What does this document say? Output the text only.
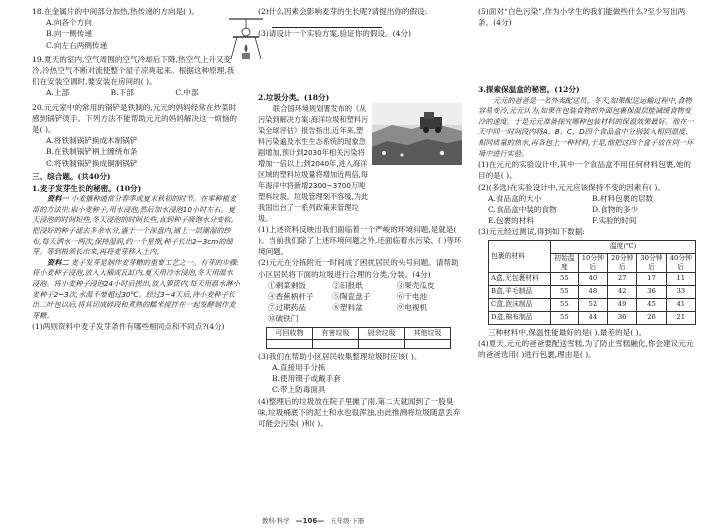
18.在金属片的中间部分加热,热传递的方向是( )。

A.向各个方向

B.向一侧传递

C.向左右两侧传递

19.夏天的室内,空气周围的空气冷却后下降,热空气上升又变冷,冷热空气不断对流使整个屋子凉爽起来。根据这种原理,我们在安装空调时,要安装在房间的( )。

A.上部	B.下部	C.中部

20.元元家中的常用的锅铲是铁制的,元元的妈妈经常在炒菜时感到锅铲烫手。下列方法不能帮助元元的妈妈解决这一烦恼的是( )。

A.将铁制锅铲换成木制锅铲

B.在铁制锅铲柄上缠绕布条

C.将铁制锅铲换成铜制锅铲

三、综合题。(共40分)

1.麦子发芽生长的秘密。(10分)

资料一 小麦播种通常分春季或夏末秋初的时节。在零种植麦苗的方法里:取小麦种子,用水浸泡,然后加水浸泡10小时左右。夏天浸泡的时间短些,冬天浸泡的时间长些,直到种子吸饱水分变软。把浸好的种子滤去多余水分,盛于一个深盘内,铺上一层潮湿的纱布,每天洒水一两次,保持湿润,约一个星期,种子长出2~3cm的细芽。等到根须长出来,再将麦芽移入土内。
资料二 麦子发芽是制作麦芽糖的重要工艺之一。有芽的步骤:将小麦种子浸泡,放入大桶或瓦缸内,夏天用冷水浸泡,冬天用温水浸泡。将小麦种子浸泡24小时后捞出,放入箩筐内,每天用温水淋小麦种子2~3次,水温不要超过30℃。经过3~4天后,待小麦种子长出二叶包以后,将其切成碎段和煮熟的糯米搅拌在一起发酵制作麦芽糖。

(1)两则资料中麦子发芽条件有哪些相同点和不同点?(4分)

(2)什么因素会影响麦芽的生长呢?请提出你的假设:

(3)请设计一个实验方案,验证你的假设。(4分)

2.垃圾分类。(18分)

联合国环境规划署发布的《从污染到解决方案:海洋垃圾和塑料污染全球评估》报告指出,近年来,塑料污染遍及水生生态系统的现象急剧增加,预计到2030年相关污染将增加一倍以上;到2040年,进入海洋区域的塑料垃圾量将增加近两倍,每年海洋中将新增2300~3700万吨塑料垃圾。垃圾管理刻不容缓,为此我国出台了一系列政策来管理垃圾。

(1)上述资料反映出我们面临着一个严峻的环境问题,是就是( )。当前我们除了上述环境问题之外,还面临着水污染、( )等环境问题。

(2)元元在分拣附近一时间成了困扰居民的头号问题。请帮助小区居民将下面的垃圾进行合理的分类,分装。(4分)

①剩菜剩饭	②旧报纸	③果壳瓜皮
④香蕉柄杆子	⑤陶瓷盘子	⑥干电池
⑦过期药品	⑧塑料盆	⑨电视机
⑩破铁门
可回收物	有害垃圾	厨余垃圾	其他垃圾

(3)我们在帮助小区居民收集整理垃圾时应该( )。

A.直接用手分拣

B.使用镊子或戴手套

C.带上防毒面具

(4)整理后的垃圾放在院子里摊了雨,第二天就闻到了一股臭味,垃圾桶底下的泥土和水也很浑浊,由此推测将垃圾随意丢弃可能会污染( )和( )。

(5)面对“白色污染”,作为小学生的我们能做些什么?至少写出两条。(4分)

3.探索保温盒的秘密。(12分)

元元的爸爸是一名外卖配送员。冬天,如果配送运输过程中,食物容易变冷,元元认为,如果在包装食物的外面包裹保温层能减缓食物变冷的速度。于是元元准备探究哪种包装材料的保温效果最好。他在一天中同一时间段内将A、B、C、D四个食品盒中分别装入相同温度、相同质量的热水,再各包上一种材料,于是,他把这四个盒子放在同一环境中进行实验。

(1)在元元的实验设计中,其中一个食品盒不用任何材料包裹,她的目的是( )。

(2)(多选)在实验设计中,元元应该保持不变的因素有( )。

A.食品盒的大小	B.材料包裹的层数
C.食品盒中装的食物	D.食物的多少
E.包裹的材料	F.实验的时间

(3)元元经过测试,得到如下数据:

包裹的材料	温度(℃)				
	初始温度	10分钟后	20分钟后	30分钟后	40分钟后
A盒,无包裹材料	55	40	27	17	11
B盒,羊毛制品	55	48	42	36	33
C盒,泡沫制品	55	52	49	45	41
D盒,棉布制品	55	44	36	26	21

三种材料中,保温性能最好的是( ),最差的是( )。

(4)夏天,元元的爸爸要配送雪糕,为了防止雪糕融化,你会建议元元的爸爸选用( )进行包裹,理由是( )。

教科·科学 —106— 五年级·下册
